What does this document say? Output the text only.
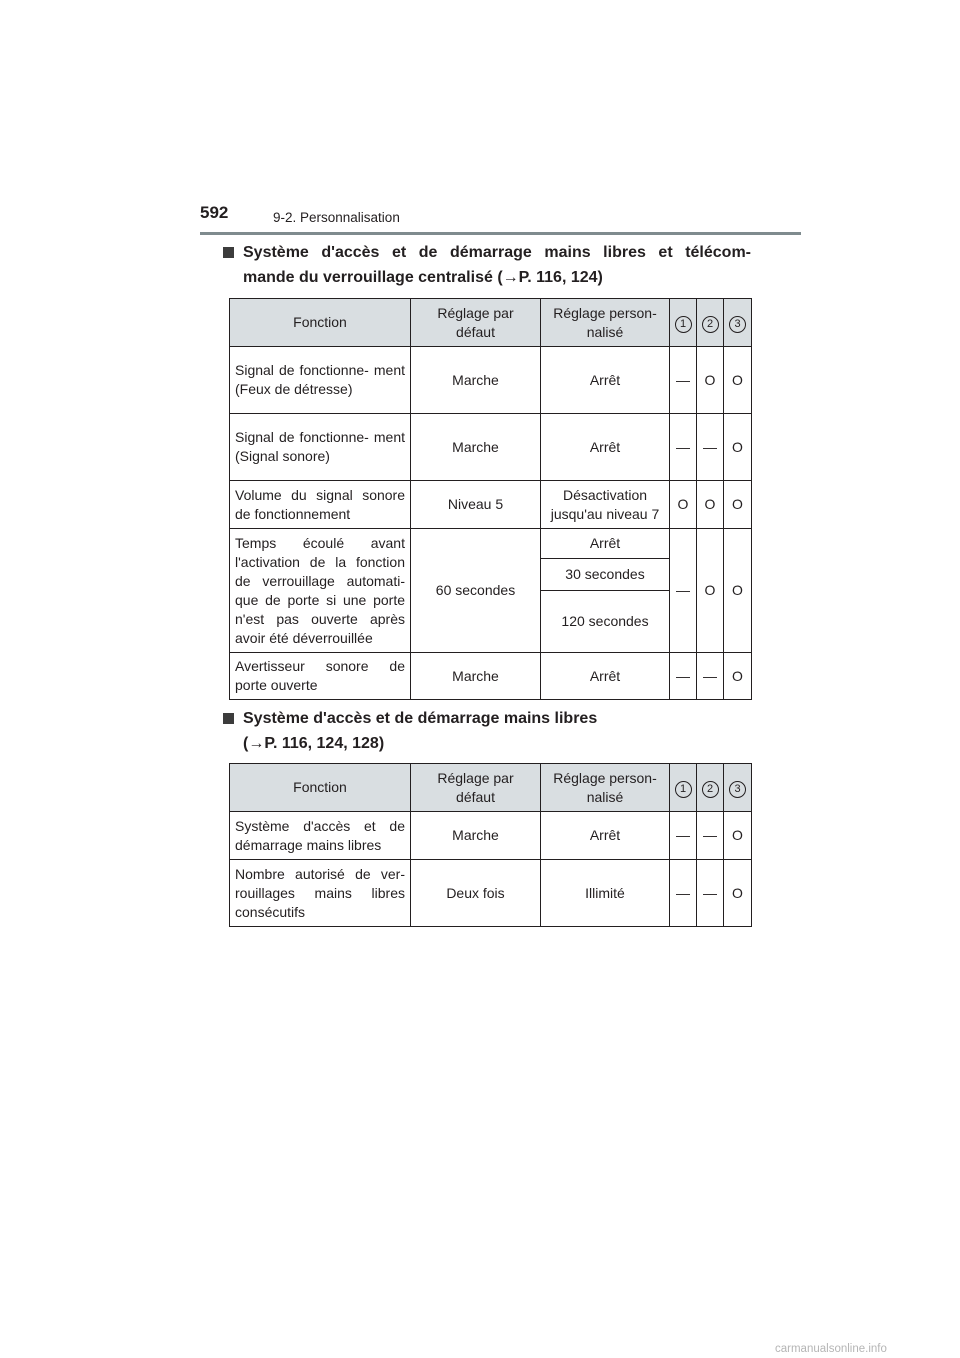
592	9-2. Personnalisation
Système d'accès et de démarrage mains libres et télécom-
mande du verrouillage centralisé (→P. 116, 124)
Fonction	Réglage par défaut	Réglage person- nalisé	1	2	3
Signal de fonctionne- ment (Feux de détresse)	Marche	Arrêt	—	O	O
Signal de fonctionne- ment (Signal sonore)	Marche	Arrêt	—	—	O
Volume du signal sonore de fonctionnement	Niveau 5	Désactivation jusqu'au niveau 7	O	O	O
Temps écoulé avant l'activation de la fonction de verrouillage automati- que de porte si une porte n'est pas ouverte après avoir été déverrouillée	60 secondes	Arrêt	—	O	O
		30 secondes			
		120 secondes			
Avertisseur sonore de porte ouverte	Marche	Arrêt	—	—	O
Système d'accès et de démarrage mains libres
(→P. 116, 124, 128)
Fonction	Réglage par défaut	Réglage person- nalisé	1	2	3
Système d'accès et de démarrage mains libres	Marche	Arrêt	—	—	O
Nombre autorisé de ver- rouillages mains libres consécutifs	Deux fois	Illimité	—	—	O
carmanualsonline.info
